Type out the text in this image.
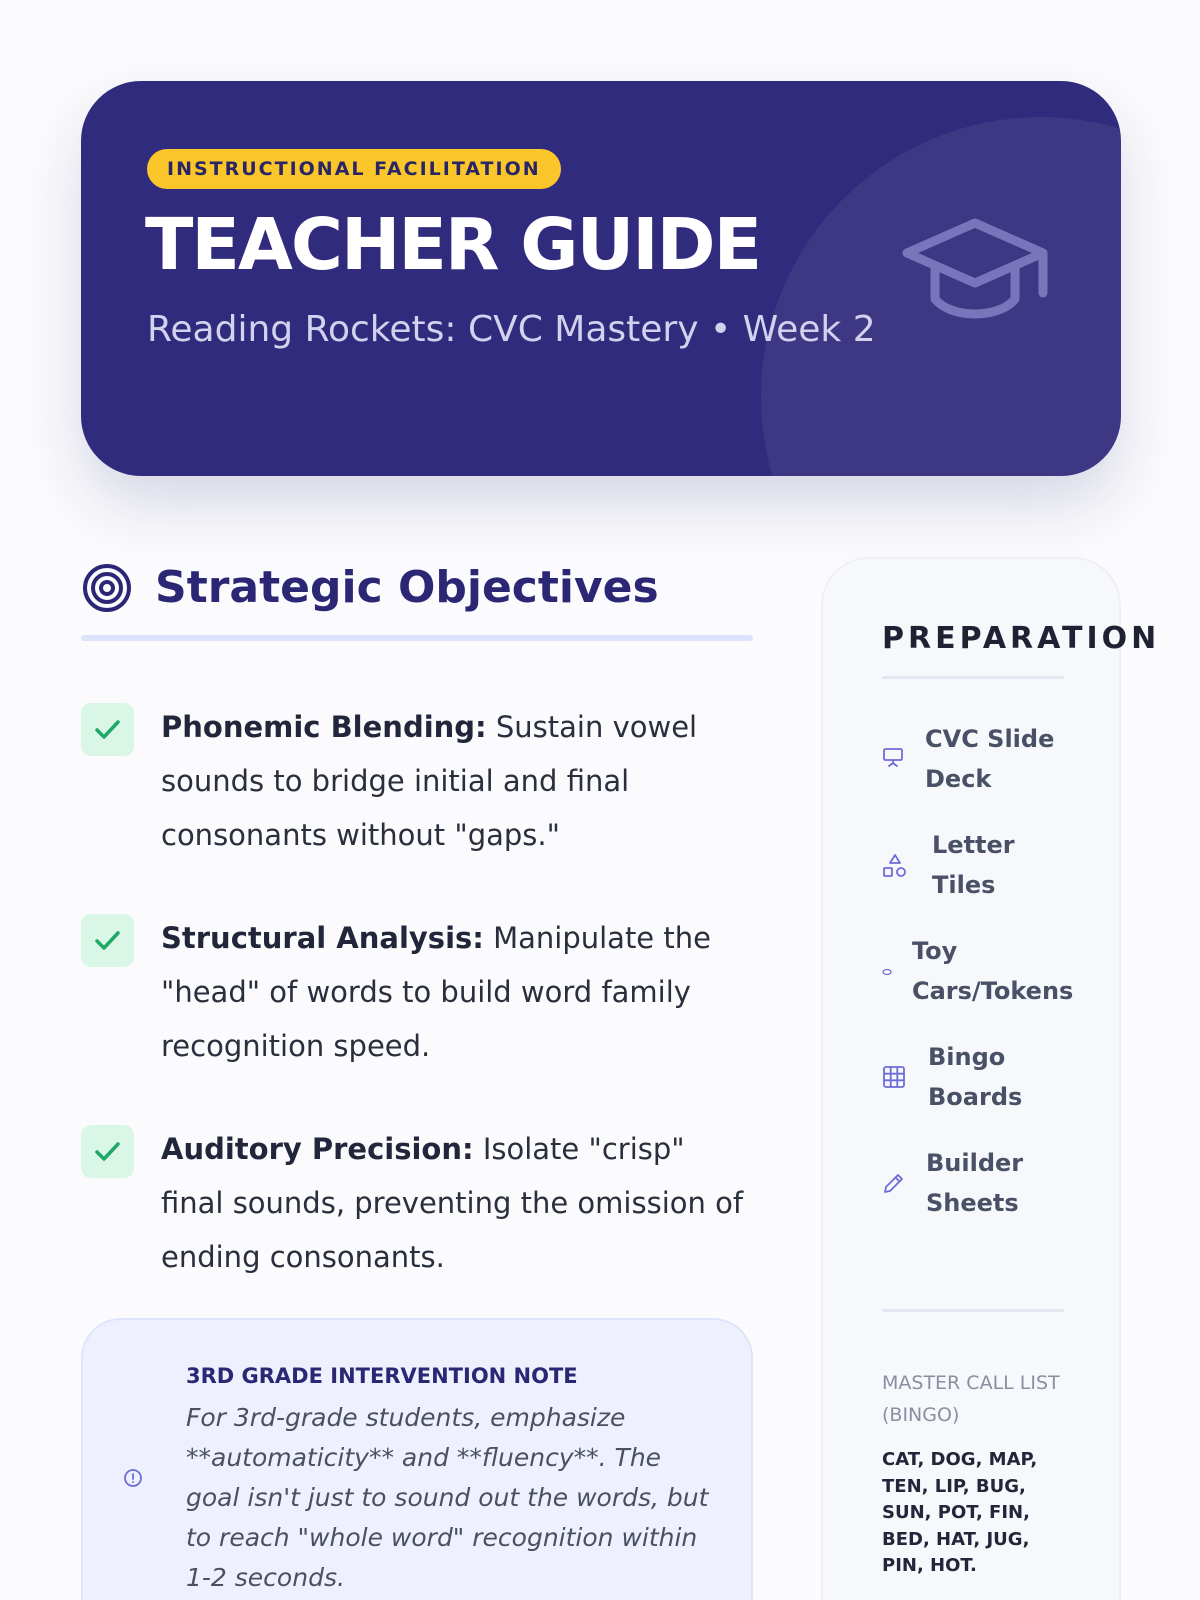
INSTRUCTIONAL FACILITATION
TEACHER GUIDE
Reading Rockets: CVC Mastery • Week 2
Strategic Objectives

Phonemic Blending: Sustain vowel sounds to bridge initial and final consonants without "gaps."

Structural Analysis: Manipulate the "head" of words to build word family recognition speed.

Auditory Precision: Isolate "crisp" final sounds, preventing the omission of ending consonants.

3RD GRADE INTERVENTION NOTE

For 3rd-grade students, emphasize **automaticity** and **fluency**. The goal isn't just to sound out the words, but to reach "whole word" recognition within 1-2 seconds.

PREPARATION
CVC Slide Deck
Letter Tiles
Toy Cars/Tokens
Bingo Boards
Builder Sheets
MASTER CALL LIST (BINGO)
CAT, DOG, MAP, TEN, LIP, BUG, SUN, POT, FIN, BED, HAT, JUG, PIN, HOT.
